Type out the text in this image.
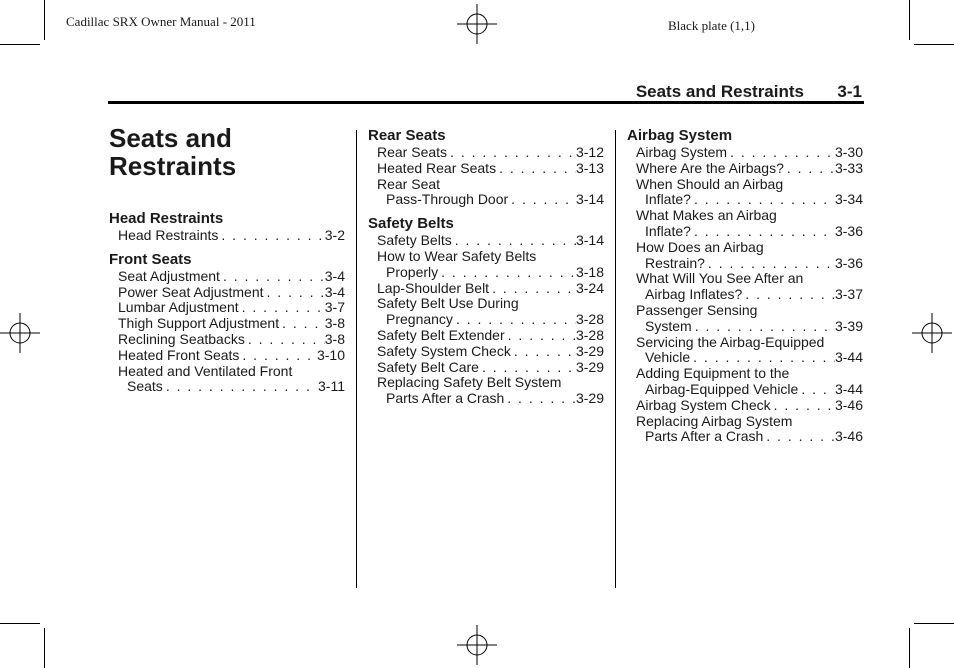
Cadillac SRX Owner Manual - 2011	Black plate (1,1)
Seats and Restraints 3-1
Seats and Restraints
Head Restraints
Head Restraints . . .	3-2
Front Seats
Seat Adjustment . . .	3-4
Power Seat Adjustment . . .	3-4
Lumbar Adjustment . . .	3-7
Thigh Support Adjustment . . .	3-8
Reclining Seatbacks . . .	3-8
Heated Front Seats . . .	3-10
Heated and Ventilated Front
Seats . . .	3-11
Rear Seats
Rear Seats . . .	3-12
Heated Rear Seats . . .	3-13
Rear Seat
Pass-Through Door . . .	3-14
Safety Belts
Safety Belts . . .	3-14
How to Wear Safety Belts
Properly . . .	3-18
Lap-Shoulder Belt . . .	3-24
Safety Belt Use During
Pregnancy . . .	3-28
Safety Belt Extender . . .	3-28
Safety System Check . . .	3-29
Safety Belt Care . . .	3-29
Replacing Safety Belt System
Parts After a Crash . . .	3-29
Airbag System
Airbag System . . .	3-30
Where Are the Airbags? . . .	3-33
When Should an Airbag
Inflate? . . .	3-34
What Makes an Airbag
Inflate? . . .	3-36
How Does an Airbag
Restrain? . . .	3-36
What Will You See After an
Airbag Inflates? . . .	3-37
Passenger Sensing
System . . .	3-39
Servicing the Airbag-Equipped
Vehicle . . .	3-44
Adding Equipment to the
Airbag-Equipped Vehicle . . .	3-44
Airbag System Check . . .	3-46
Replacing Airbag System
Parts After a Crash . . .	3-46
